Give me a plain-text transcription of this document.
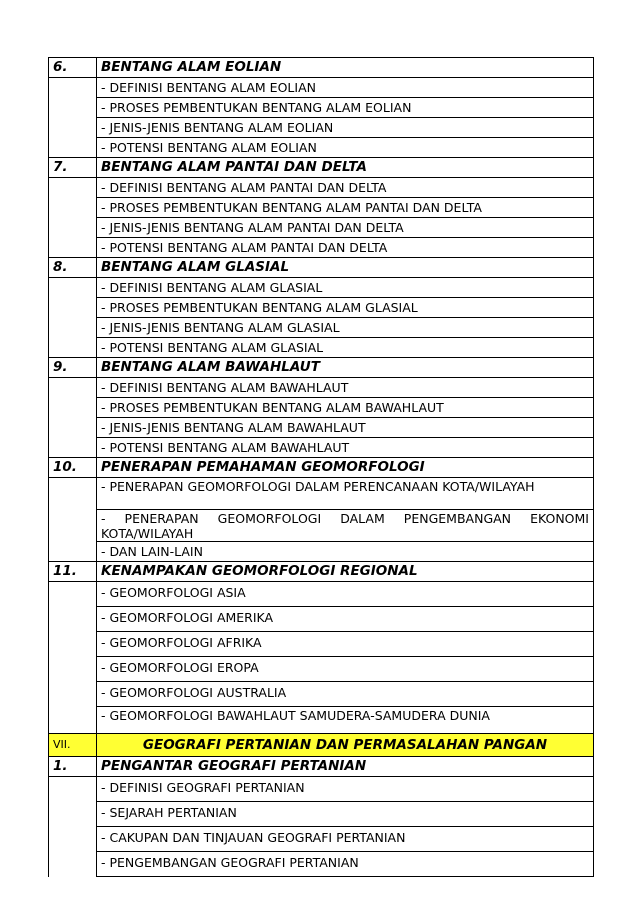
6.	BENTANG ALAM EOLIAN
	- DEFINISI BENTANG ALAM EOLIAN
	- PROSES PEMBENTUKAN BENTANG ALAM EOLIAN
	- JENIS-JENIS BENTANG ALAM EOLIAN
	- POTENSI BENTANG ALAM EOLIAN
7.	BENTANG ALAM PANTAI DAN DELTA
	- DEFINISI BENTANG ALAM PANTAI DAN DELTA
	- PROSES PEMBENTUKAN BENTANG ALAM PANTAI DAN DELTA
	- JENIS-JENIS BENTANG ALAM PANTAI DAN DELTA
	- POTENSI BENTANG ALAM PANTAI DAN DELTA
8.	BENTANG ALAM GLASIAL
	- DEFINISI BENTANG ALAM GLASIAL
	- PROSES PEMBENTUKAN BENTANG ALAM GLASIAL
	- JENIS-JENIS BENTANG ALAM GLASIAL
	- POTENSI BENTANG ALAM GLASIAL
9.	BENTANG ALAM BAWAHLAUT
	- DEFINISI BENTANG ALAM BAWAHLAUT
	- PROSES PEMBENTUKAN BENTANG ALAM BAWAHLAUT
	- JENIS-JENIS BENTANG ALAM BAWAHLAUT
	- POTENSI BENTANG ALAM BAWAHLAUT
10.	PENERAPAN PEMAHAMAN GEOMORFOLOGI
	- PENERAPAN GEOMORFOLOGI DALAM PERENCANAAN KOTA/WILAYAH
	- PENERAPAN GEOMORFOLOGI DALAM PENGEMBANGAN EKONOMI KOTA/WILAYAH
	- DAN LAIN-LAIN
11.	KENAMPAKAN GEOMORFOLOGI REGIONAL
	- GEOMORFOLOGI ASIA
	- GEOMORFOLOGI AMERIKA
	- GEOMORFOLOGI AFRIKA
	- GEOMORFOLOGI EROPA
	- GEOMORFOLOGI AUSTRALIA
	- GEOMORFOLOGI BAWAHLAUT SAMUDERA-SAMUDERA DUNIA
VII.	GEOGRAFI PERTANIAN DAN PERMASALAHAN PANGAN
1.	PENGANTAR GEOGRAFI PERTANIAN
	- DEFINISI GEOGRAFI PERTANIAN
	- SEJARAH PERTANIAN
	- CAKUPAN DAN TINJAUAN GEOGRAFI PERTANIAN
	- PENGEMBANGAN GEOGRAFI PERTANIAN
